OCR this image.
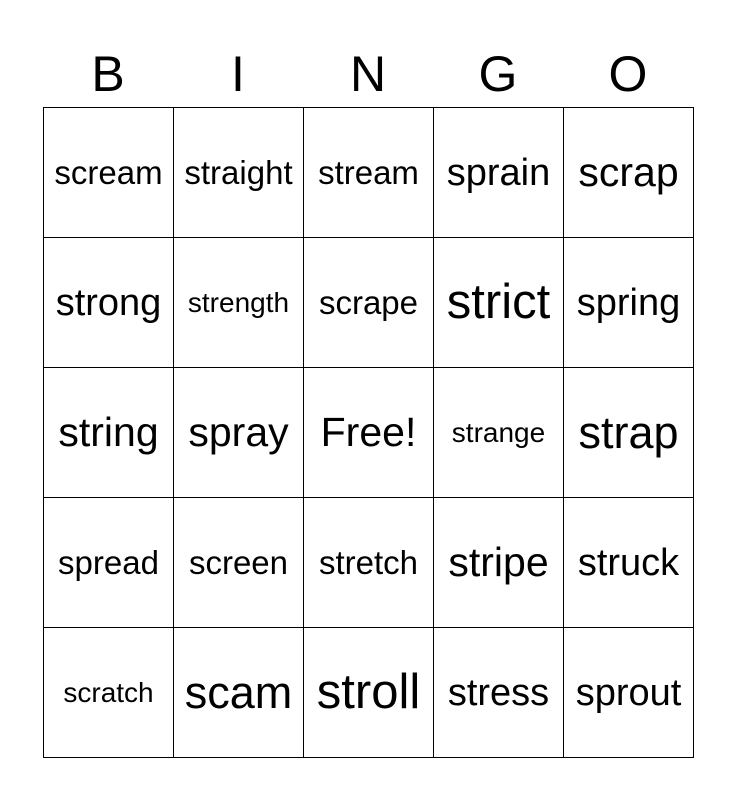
B	I	N	G	O
scream straight stream sprain scrap
strong strength scrape strict spring
string spray Free!	strange strap
spread screen stretch stripe struck
scratch scam stroll stress sprout
